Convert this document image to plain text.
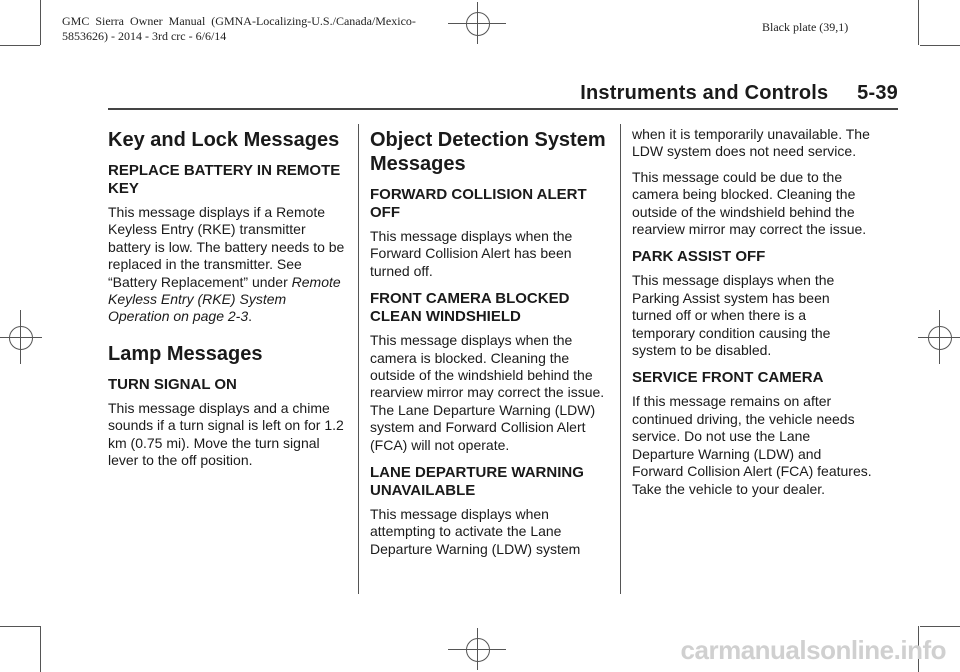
GMC  Sierra  Owner  Manual  (GMNA-Localizing-U.S./Canada/Mexico-
5853626) - 2014 - 3rd crc - 6/6/14
Black plate (39,1)
Instruments and Controls     5-39
Key and Lock Messages
REPLACE BATTERY IN REMOTE KEY

This message displays if a Remote Keyless Entry (RKE) transmitter battery is low. The battery needs to be replaced in the transmitter. See “Battery Replacement” under Remote Keyless Entry (RKE) System Operation on page 2-3.

Lamp Messages
TURN SIGNAL ON

This message displays and a chime sounds if a turn signal is left on for 1.2 km (0.75 mi). Move the turn signal lever to the off position.

Object Detection System Messages
FORWARD COLLISION ALERT OFF

This message displays when the Forward Collision Alert has been turned off.

FRONT CAMERA BLOCKED CLEAN WINDSHIELD

This message displays when the camera is blocked. Cleaning the outside of the windshield behind the rearview mirror may correct the issue. The Lane Departure Warning (LDW) system and Forward Collision Alert (FCA) will not operate.

LANE DEPARTURE WARNING UNAVAILABLE

This message displays when attempting to activate the Lane Departure Warning (LDW) system

when it is temporarily unavailable. The LDW system does not need service.

This message could be due to the camera being blocked. Cleaning the outside of the windshield behind the rearview mirror may correct the issue.

PARK ASSIST OFF

This message displays when the Parking Assist system has been turned off or when there is a temporary condition causing the system to be disabled.

SERVICE FRONT CAMERA

If this message remains on after continued driving, the vehicle needs service. Do not use the Lane Departure Warning (LDW) and Forward Collision Alert (FCA) features. Take the vehicle to your dealer.

carmanualsonline.info
